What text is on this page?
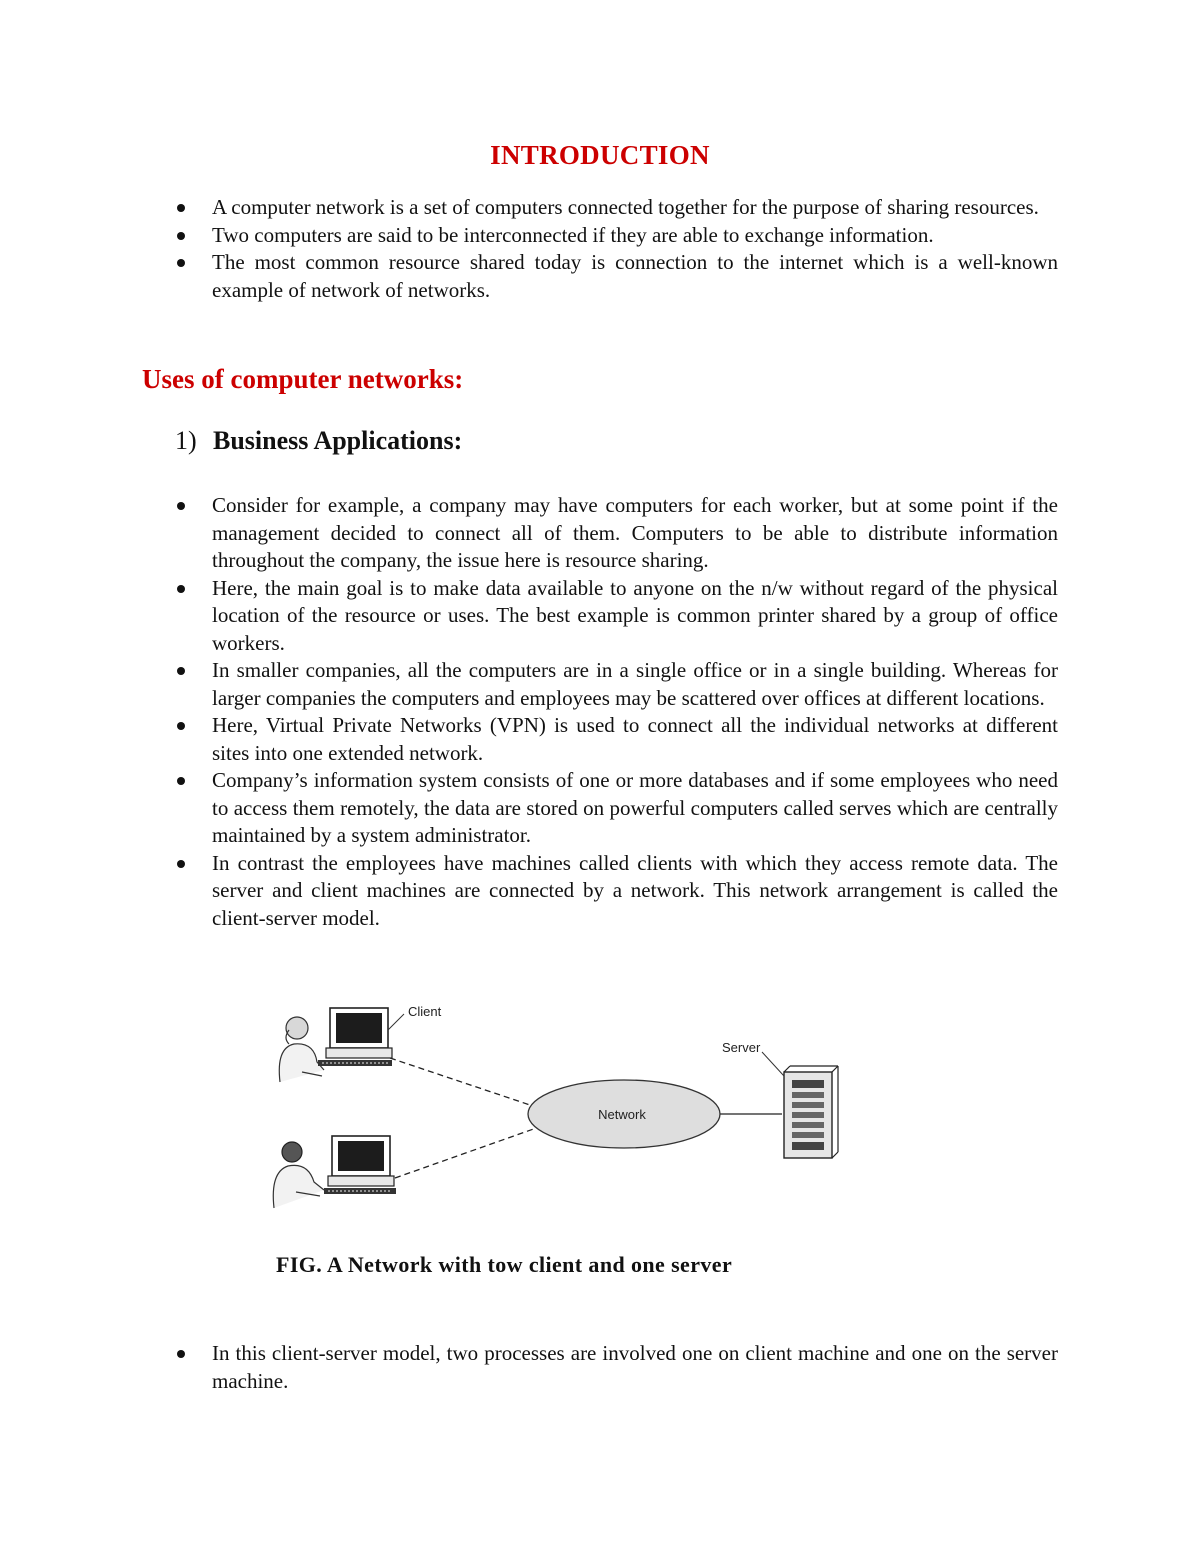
INTRODUCTION
A computer network is a set of computers connected together for the purpose of sharing resources.
Two computers are said to be interconnected if they are able to exchange information.
The most common resource shared today is connection to the internet which is a well-known example of network of networks.
Uses of computer networks:
1) Business Applications:
Consider for example, a company may have computers for each worker, but at some point if the management decided to connect all of them. Computers to be able to distribute information throughout the company, the issue here is resource sharing.
Here, the main goal is to make data available to anyone on the n/w without regard of the physical location of the resource or uses. The best example is common printer shared by a group of office workers.
In smaller companies, all the computers are in a single office or in a single building. Whereas for larger companies the computers and employees may be scattered over offices at different locations.
Here, Virtual Private Networks (VPN) is used to connect all the individual networks at different sites into one extended network.
Company’s information system consists of one or more databases and if some employees who need to access them remotely, the data are stored on powerful computers called serves which are centrally maintained by a system administrator.
In contrast the employees have machines called clients with which they access remote data. The server and client machines are connected by a network. This network arrangement is called the client-server model.
Network
Client
Server
FIG. A Network with tow client and one server
In this client-server model, two processes are involved one on client machine and one on the server machine.
